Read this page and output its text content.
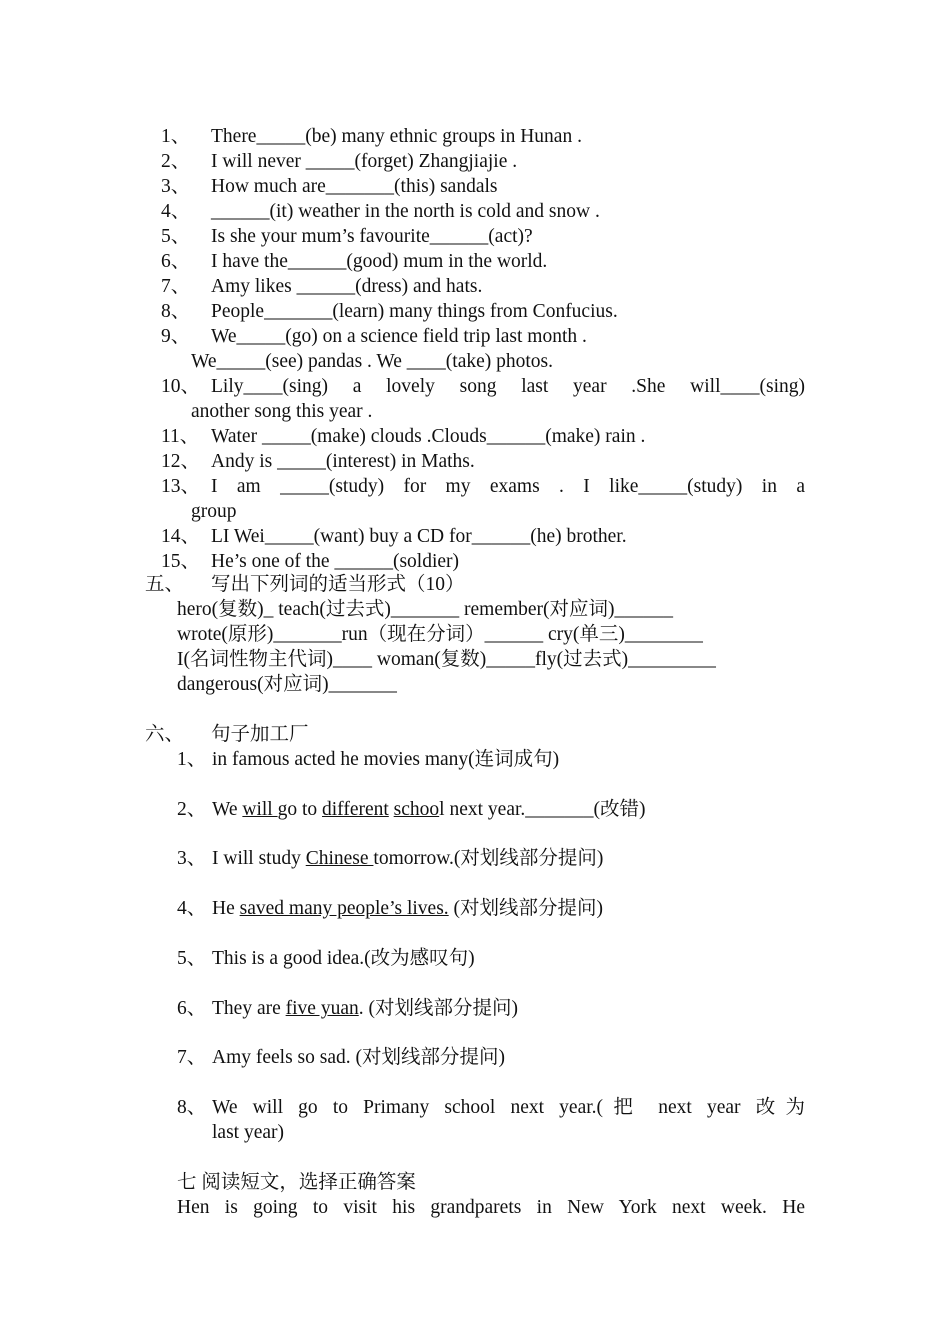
1、 There_____(be) many ethnic groups in Hunan .
2、 I will never _____(forget) Zhangjiajie .
3、 How much are_______(this) sandals
4、 ______(it) weather in the north is cold and snow .
5、 Is she your mum’s favourite______(act)?
6、 I have the______(good) mum in the world.
7、 Amy likes ______(dress) and hats.
8、 People_______(learn) many things from Confucius.
9、 We_____(go) on a science field trip last month .
We_____(see) pandas . We ____(take) photos.
10、 Lily____(sing) a lovely song last year .She will____(sing)
another song this year .
11、 Water _____(make) clouds .Clouds______(make) rain .
12、 Andy is _____(interest) in Maths.
13、 I am _____(study) for my exams . I like_____(study) in a
group
14、 LI Wei_____(want) buy a CD for______(he) brother.
15、 He’s one of the ______(soldier)
五、 写出下列词的适当形式（10）
hero(复数)_ teach(过去式)_______ remember(对应词)______
wrote(原形)_______run（现在分词）______ cry(单三)________
I(名词性物主代词)____ woman(复数)_____fly(过去式)_________
dangerous(对应词)_______
六、 句子加工厂
1、 in famous acted he movies many(连词成句)
2、 We will go to different school next year._______(改错)
3、 I will study Chinese tomorrow.(对划线部分提问)
4、 He saved many people’s lives. (对划线部分提问)
5、 This is a good idea.(改为感叹句)
6、 They are five yuan. (对划线部分提问)
7、 Amy feels so sad. (对划线部分提问)
8、 We will go to Primany school next year.(把 next year 改为
last year)
七 阅读短文，选择正确答案
Hen is going to visit his grandparets in New York next week. He
